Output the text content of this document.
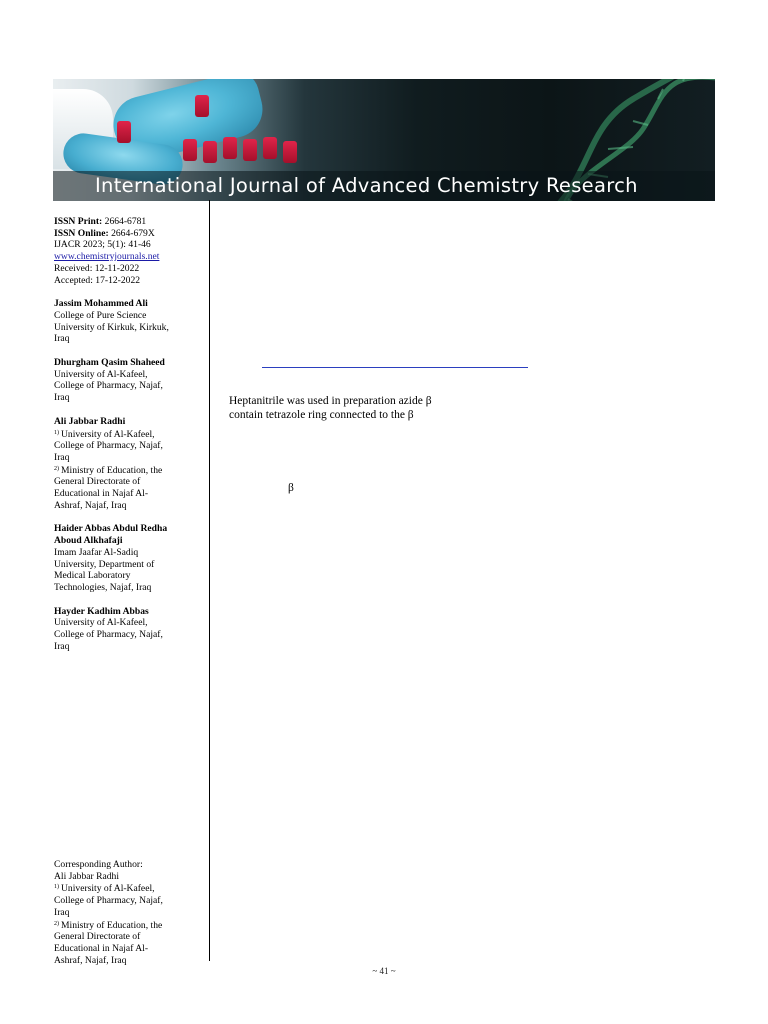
International Journal of Advanced Chemistry Research
ISSN Print: 2664-6781
ISSN Online: 2664-679X
IJACR 2023; 5(1): 41-46
www.chemistryjournals.net
Received: 12-11-2022
Accepted: 17-12-2022
Jassim Mohammed Ali
College of Pure Science
University of Kirkuk, Kirkuk,
Iraq
Dhurgham Qasim Shaheed
University of Al-Kafeel,
College of Pharmacy, Najaf,
Iraq
Ali Jabbar Radhi
$^{1)}$ University of Al-Kafeel,
College of Pharmacy, Najaf,
Iraq
$^{2)}$ Ministry of Education, the
General Directorate of
Educational in Najaf Al-
Ashraf, Najaf, Iraq
Haider Abbas Abdul Redha
Aboud Alkhafaji
Imam Jaafar Al-Sadiq
University, Department of
Medical Laboratory
Technologies, Najaf, Iraq
Hayder Kadhim Abbas
University of Al-Kafeel,
College of Pharmacy, Najaf,
Iraq
Corresponding Author:
Ali Jabbar Radhi
$^{1)}$ University of Al-Kafeel,
College of Pharmacy, Najaf,
Iraq
$^{2)}$ Ministry of Education, the
General Directorate of
Educational in Najaf Al-
Ashraf, Najaf, Iraq
Heptanitrile was used in preparation azide β
contain tetrazole ring connected to the β
β
~ 41 ~
